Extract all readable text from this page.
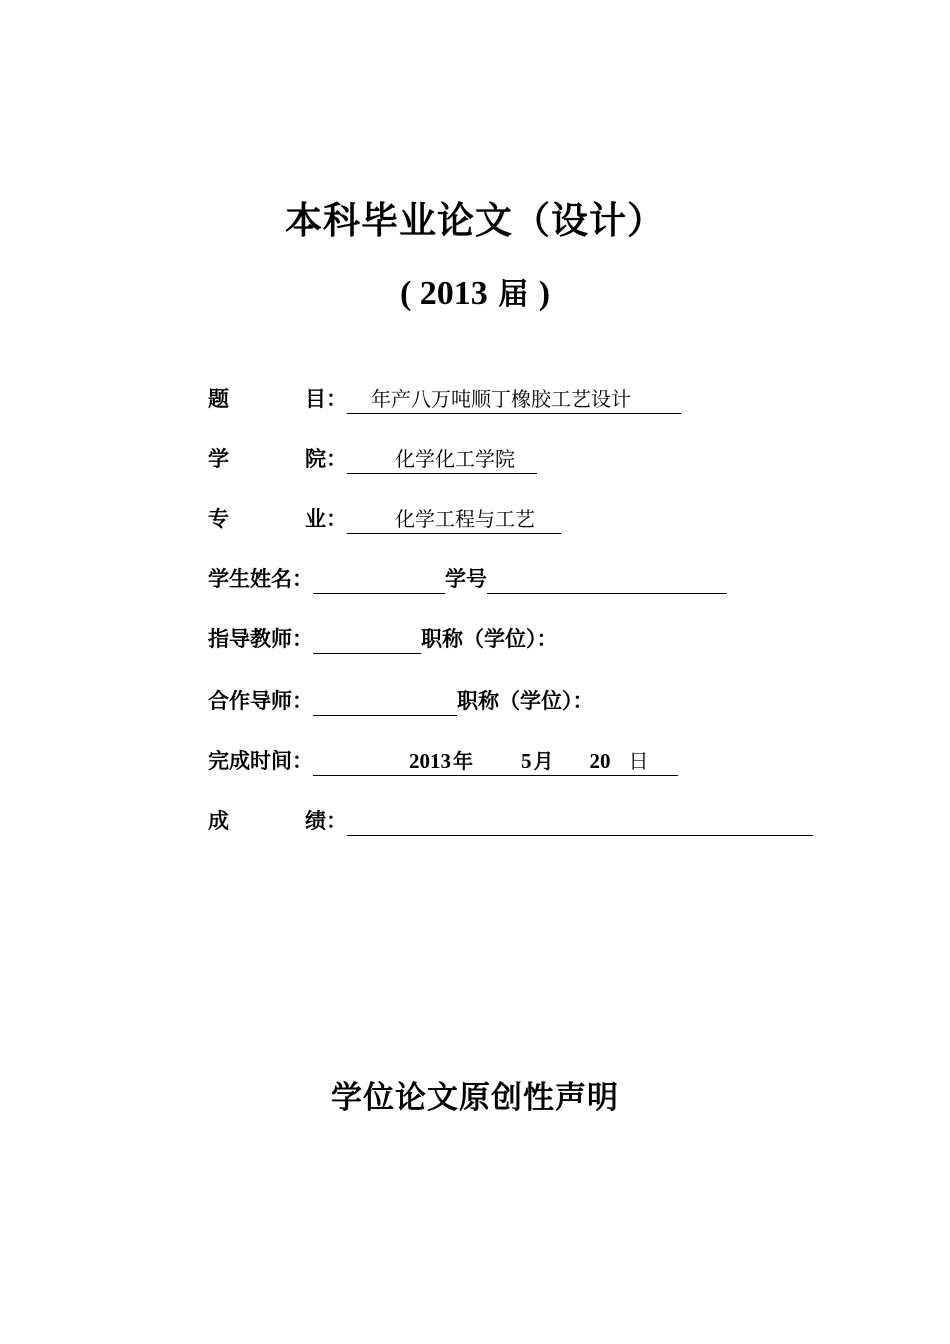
本科毕业论文（设计）
( 2013 届 )
题	目 ：	年产八万吨顺丁橡胶工艺设计
学	院 ：	化学化工学院
专	业 ：	化学工程与工艺
学生姓名 ：	学号
指导教师 ：	职称（学位）：
合作导师 ：	职称（学位）：
完成时间 ：	2013 年 5 月 20 日
成	绩 ：
学位论文原创性声明
